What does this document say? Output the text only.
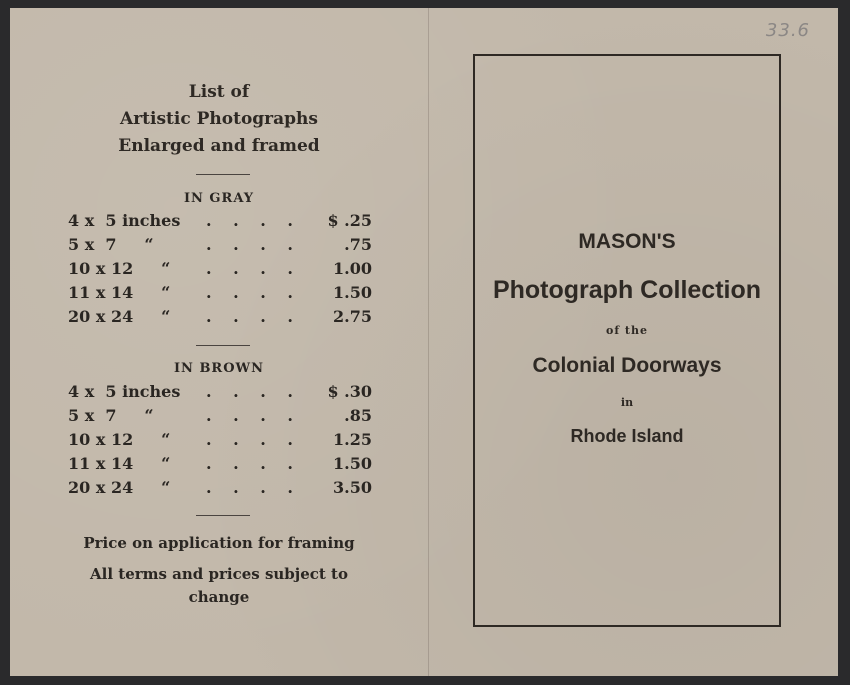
33.6
List of
Artistic Photographs
Enlarged and framed
IN GRAY
4 x  5 inches . . . .	$ .25
5 x  7     “	. . . .	.75
10 x 12     “	. . . .	1.00
11 x 14     “	. . . .	1.50
20 x 24     “	. . . .	2.75
IN BROWN
4 x  5 inches . . . .	$ .30
5 x  7     “	. . . .	.85
10 x 12     “	. . . .	1.25
11 x 14     “	. . . .	1.50
20 x 24     “	. . . .	3.50
Price on application for framing
All terms and prices subject to
change
MASON'S
Photograph Collection
of the
Colonial Doorways
in
Rhode Island
